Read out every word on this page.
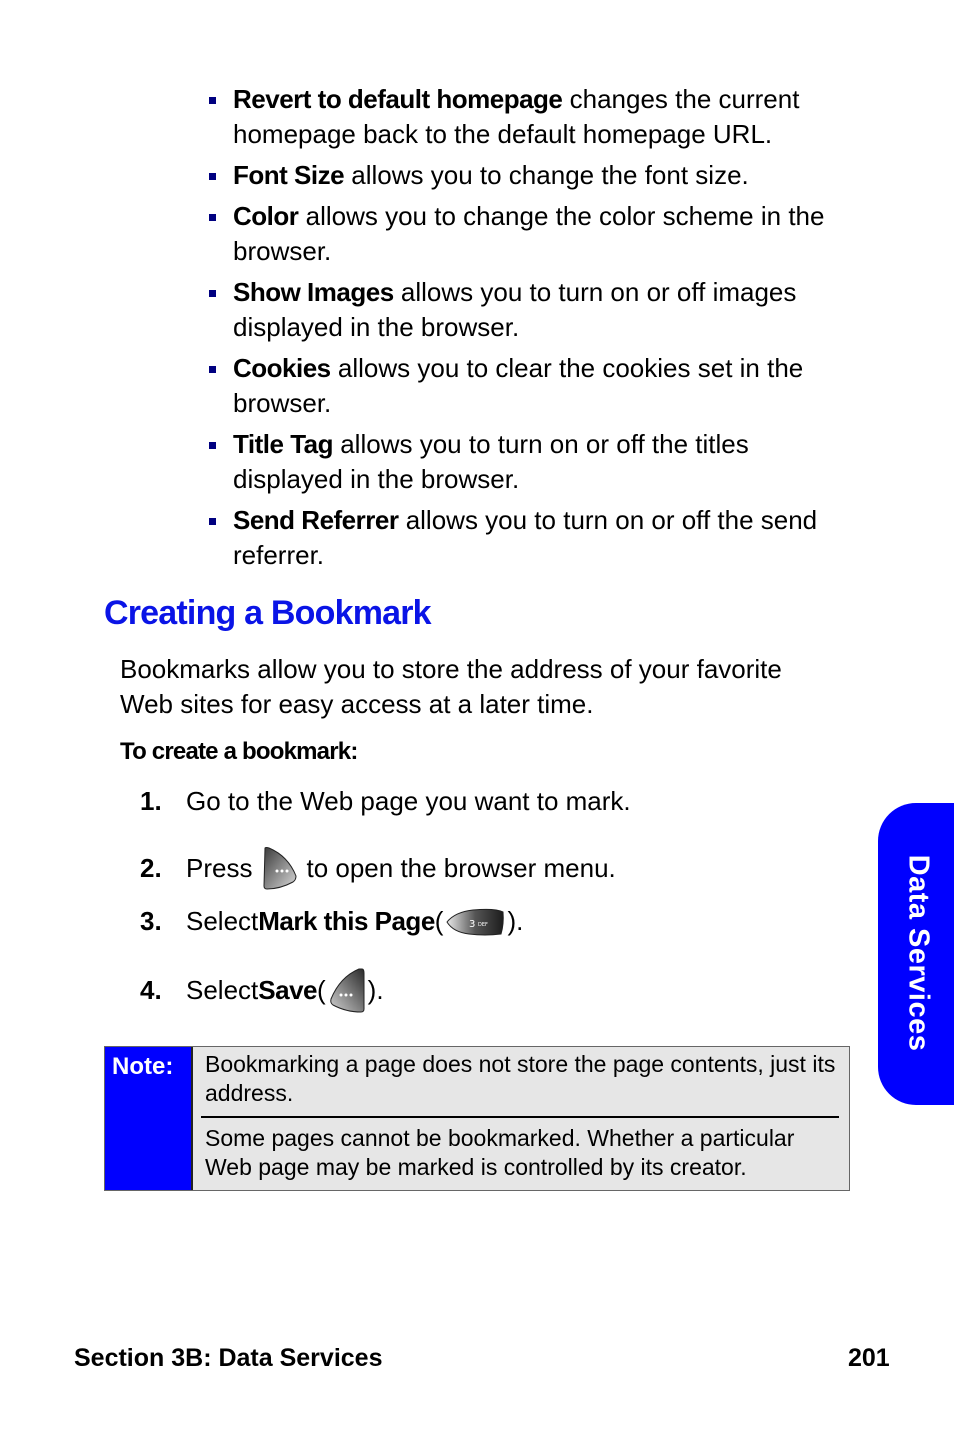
Revert to default homepage changes the current homepage back to the default homepage URL.
Font Size allows you to change the font size.
Color allows you to change the color scheme in the browser.
Show Images allows you to turn on or off images displayed in the browser.
Cookies allows you to clear the cookies set in the browser.
Title Tag allows you to turn on or off the titles displayed in the browser.
Send Referrer allows you to turn on or off the send referrer.
Creating a Bookmark

Bookmarks allow you to store the address of your favorite Web sites for easy access at a later time.

To create a bookmark:

1. Go to the Web page you want to mark.
2. Press to open the browser menu.
3. Select Mark this Page (	3 DEF ).
4. Select Save ( ).
Note:	Bookmarking a page does not store the page contents, just its address.

Some pages cannot be bookmarked. Whether a particular Web page may be marked is controlled by its creator.

Data Services
Section 3B: Data Services	201
